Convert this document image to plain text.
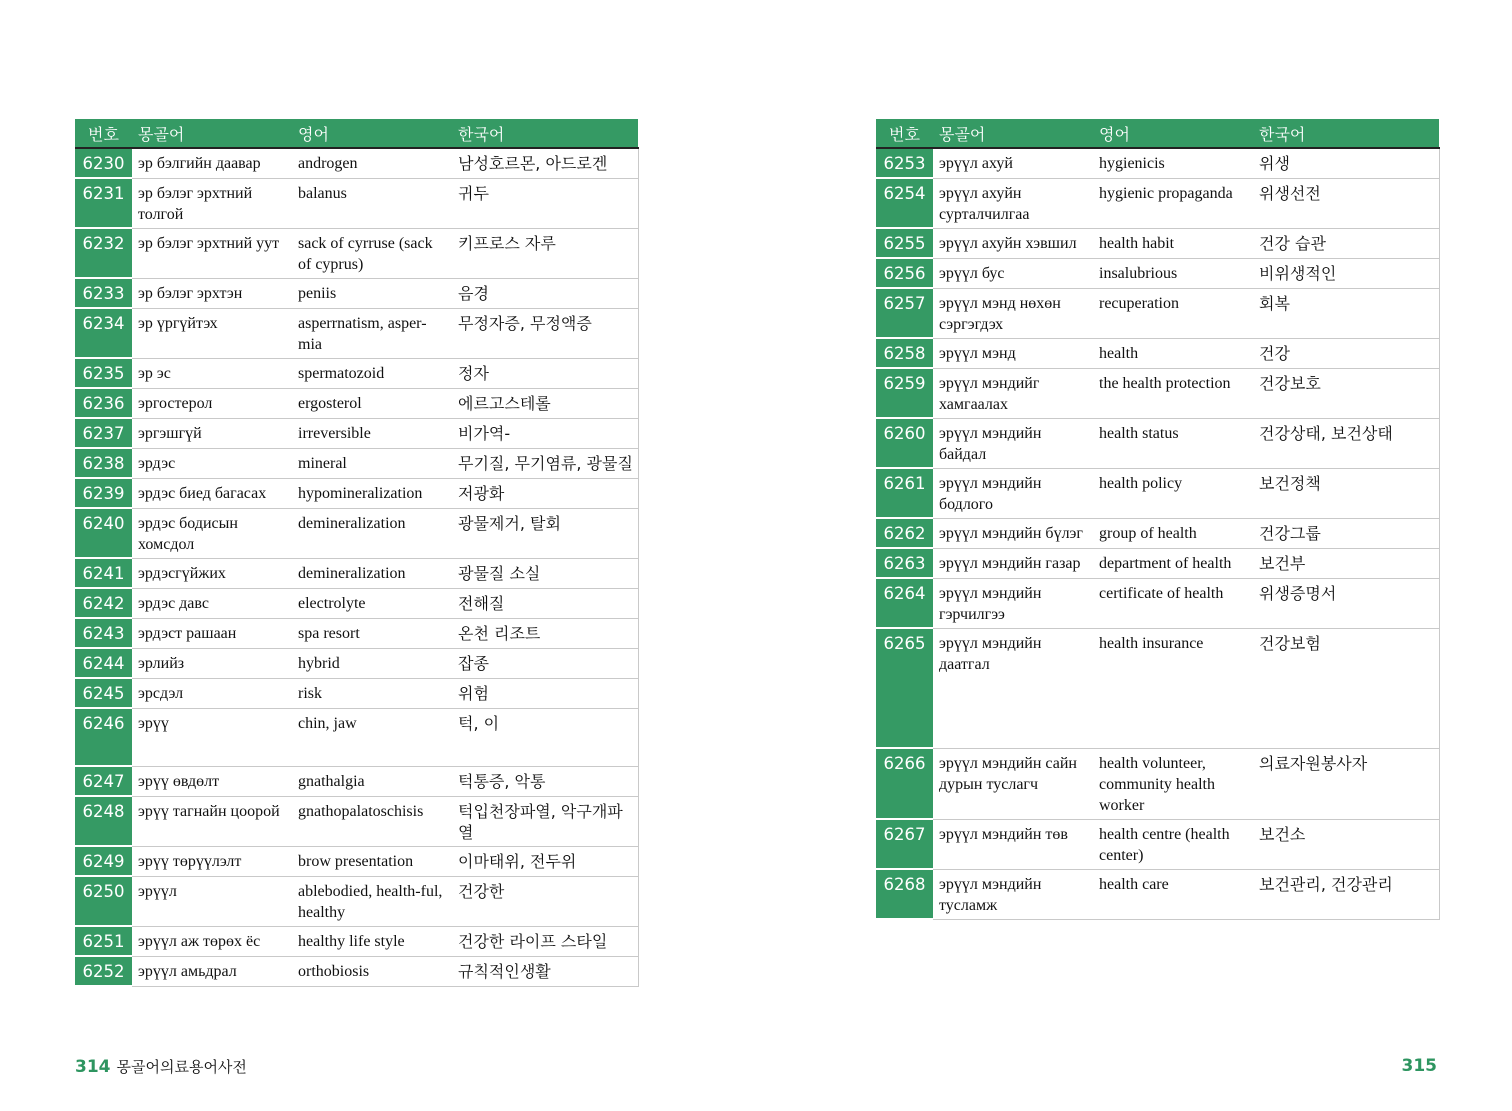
번호	몽골어	영어	한국어
6230	эр бэлгийн даавар	androgen	남성호르몬, 아드로겐
6231	эр бэлэг эрхтний толгой	balanus	귀두
6232	эр бэлэг эрхтний уут	sack of cyrruse (sack of cyprus)	키프로스 자루
6233	эр бэлэг эрхтэн	peniis	음경
6234	эр үргүйтэх	asperrnatism, asper-mia	무정자증, 무정액증
6235	эр эс	spermatozoid	정자
6236	эргостерол	ergosterol	에르고스테롤
6237	эргэшгүй	irreversible	비가역-
6238	эрдэс	mineral	무기질, 무기염류, 광물질
6239	эрдэс биед багасах	hypomineralization	저광화
6240	эрдэс бодисын хомсдол	demineralization	광물제거, 탈회
6241	эрдэсгүйжих	demineralization	광물질 소실
6242	эрдэс давс	electrolyte	전해질
6243	эрдэст рашаан	spa resort	온천 리조트
6244	эрлийз	hybrid	잡종
6245	эрсдэл	risk	위험
6246	эрүү	chin, jaw	턱, 이
6247	эрүү өвдөлт	gnathalgia	턱통증, 악통
6248	эрүү тагнайн цоорой	gnathopalatoschisis	턱입천장파열, 악구개파열
6249	эрүү төрүүлэлт	brow presentation	이마태위, 전두위
6250	эрүүл	ablebodied, health-ful, healthy	건강한
6251	эрүүл аж төрөх ёс	healthy life style	건강한 라이프 스타일
6252	эрүүл амьдрал	orthobiosis	규칙적인생활
번호	몽골어	영어	한국어
6253	эрүүл ахуй	hygienicis	위생
6254	эрүүл ахуйн сурталчилгаа	hygienic propaganda	위생선전
6255	эрүүл ахуйн хэвшил	health habit	건강 습관
6256	эрүүл бус	insalubrious	비위생적인
6257	эрүүл мэнд нөхөн сэргэгдэх	recuperation	회복
6258	эрүүл мэнд	health	건강
6259	эрүүл мэндийг хамгаалах	the health protection	건강보호
6260	эрүүл мэндийн байдал	health status	건강상태, 보건상태
6261	эрүүл мэндийн бодлого	health policy	보건정책
6262	эрүүл мэндийн бүлэг	group of health	건강그룹
6263	эрүүл мэндийн газар	department of health	보건부
6264	эрүүл мэндийн гэрчилгээ	certificate of health	위생증명서
6265	эрүүл мэндийн даатгал	health insurance	건강보험
6266	эрүүл мэндийн сайн дурын туслагч	health volunteer, community health worker	의료자원봉사자
6267	эрүүл мэндийн төв	health centre (health center)	보건소
6268	эрүүл мэндийн тусламж	health care	보건관리, 건강관리
314 몽골어의료용어사전	315
